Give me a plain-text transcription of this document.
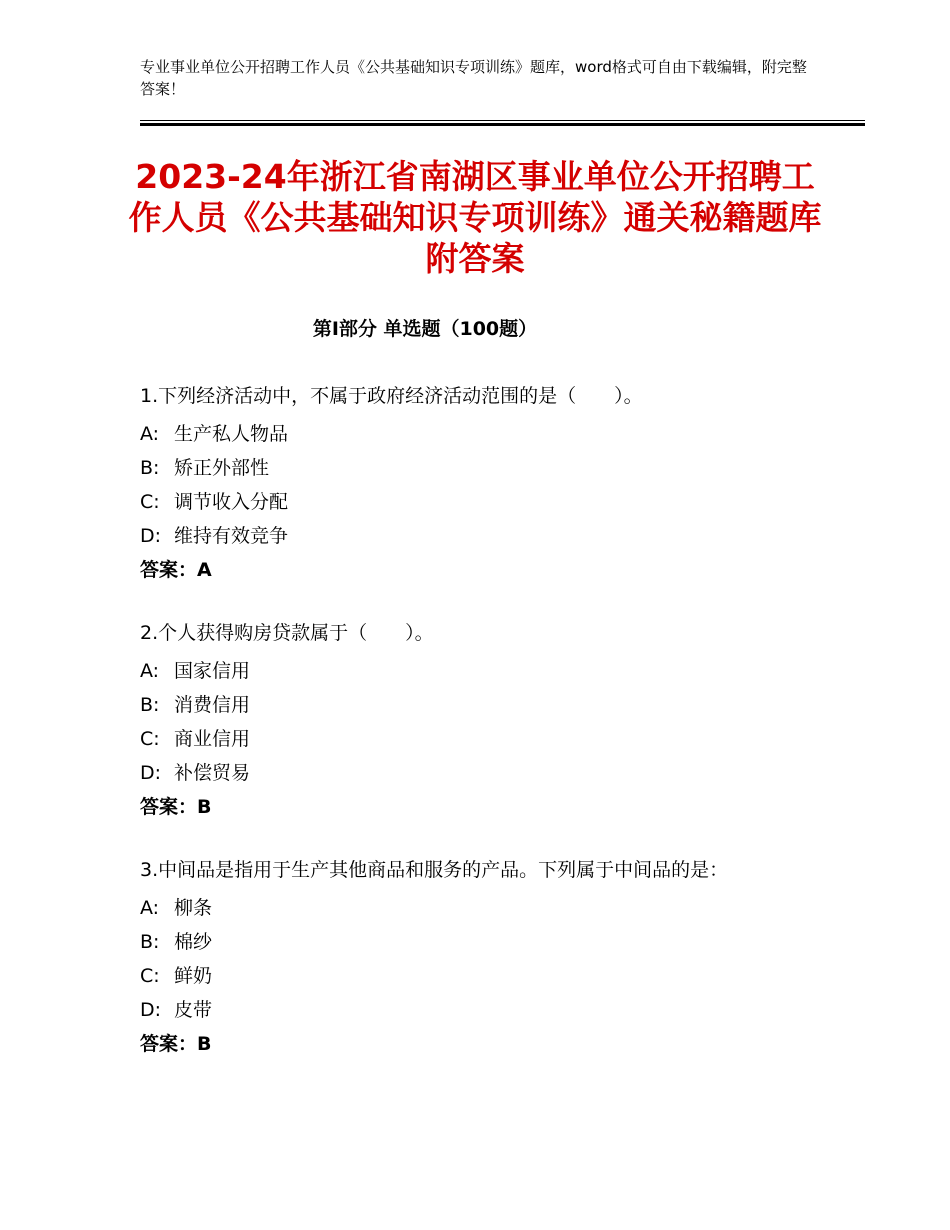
专业事业单位公开招聘工作人员《公共基础知识专项训练》题库，word格式可自由下载编辑，附完整答案！
2023-24年浙江省南湖区事业单位公开招聘工作人员《公共基础知识专项训练》通关秘籍题库附答案
第Ⅰ部分 单选题（100题）
1.下列经济活动中，不属于政府经济活动范围的是（　　）。
A: 生产私人物品
B: 矫正外部性
C: 调节收入分配
D: 维持有效竞争
答案：A
2.个人获得购房贷款属于（　　）。
A: 国家信用
B: 消费信用
C: 商业信用
D: 补偿贸易
答案：B
3.中间品是指用于生产其他商品和服务的产品。下列属于中间品的是：
A: 柳条
B: 棉纱
C: 鲜奶
D: 皮带
答案：B
